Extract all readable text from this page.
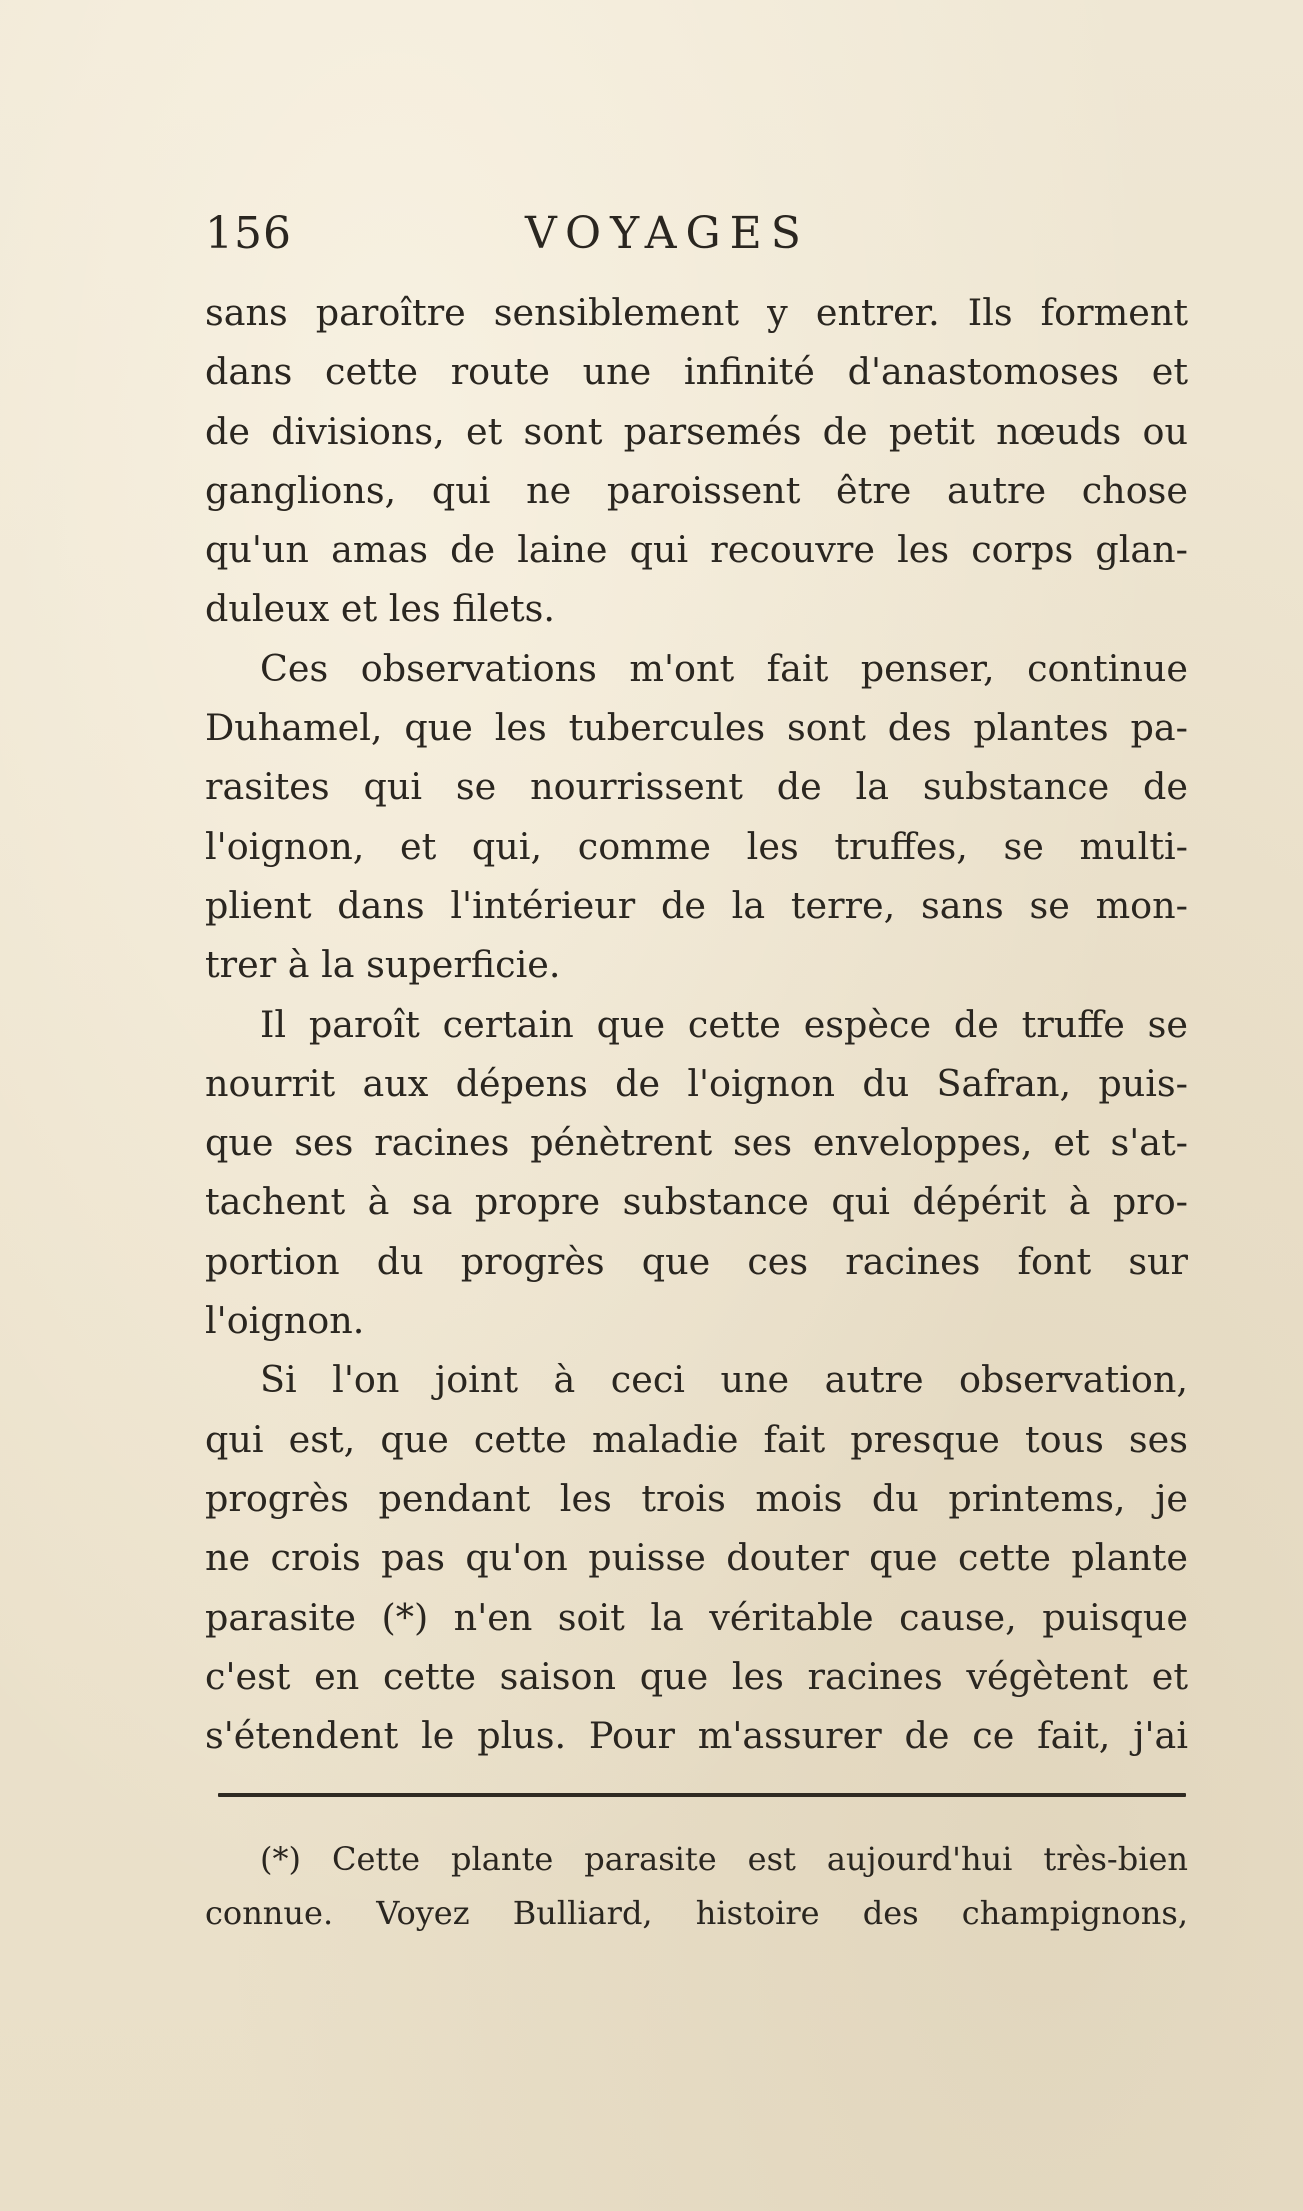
156	VOYAGES
sans paroître sensiblement y entrer. Ils forment
dans cette route une infinité d'anastomoses et
de divisions, et sont parsemés de petit nœuds ou
ganglions, qui ne paroissent être autre chose
qu'un amas de laine qui recouvre les corps glan-
duleux et les filets.
Ces observations m'ont fait penser, continue
Duhamel, que les tubercules sont des plantes pa-
rasites qui se nourrissent de la substance de
l'oignon, et qui, comme les truffes, se multi-
plient dans l'intérieur de la terre, sans se mon-
trer à la superficie.
Il paroît certain que cette espèce de truffe se
nourrit aux dépens de l'oignon du Safran, puis-
que ses racines pénètrent ses enveloppes, et s'at-
tachent à sa propre substance qui dépérit à pro-
portion du progrès que ces racines font sur
l'oignon.
Si l'on joint à ceci une autre observation,
qui est, que cette maladie fait presque tous ses
progrès pendant les trois mois du printems, je
ne crois pas qu'on puisse douter que cette plante
parasite (*) n'en soit la véritable cause, puisque
c'est en cette saison que les racines végètent et
s'étendent le plus. Pour m'assurer de ce fait, j'ai
(*) Cette plante parasite est aujourd'hui très-bien
connue. Voyez Bulliard, histoire des champignons,
